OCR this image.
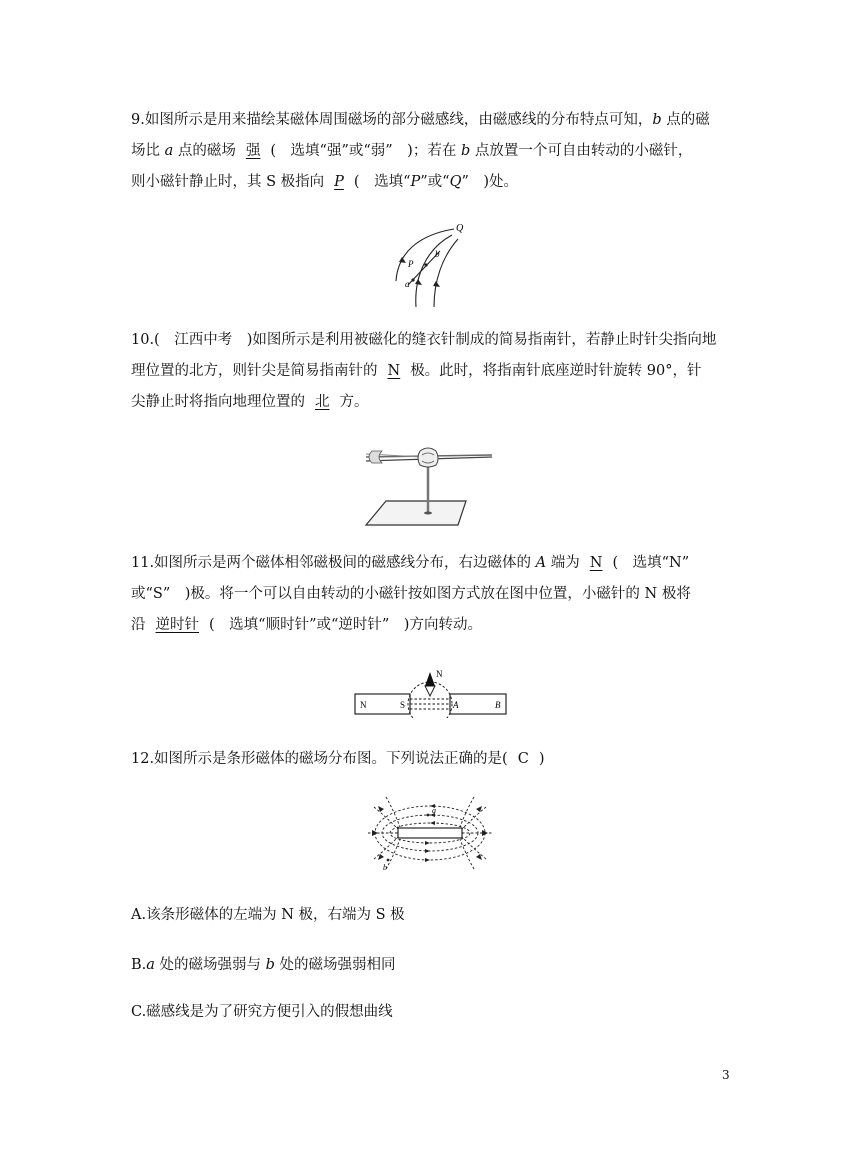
9.如图所示是用来描绘某磁体周围磁场的部分磁感线，由磁感线的分布特点可知，b 点的磁

场比 a 点的磁场 强 (　选填“强”或“弱”　)；若在 b 点放置一个可自由转动的小磁针，

则小磁针静止时，其 S 极指向 P (　选填“P”或“Q”　)处。

Q
b
P
a

10.(　江西中考　)如图所示是利用被磁化的缝衣针制成的简易指南针，若静止时针尖指向地

理位置的北方，则针尖是简易指南针的 N 极。此时，将指南针底座逆时针旋转 90°，针

尖静止时将指向地理位置的 北 方。

11.如图所示是两个磁体相邻磁极间的磁感线分布，右边磁体的 A 端为 N (　选填“N”

或“S”　)极。将一个可以自由转动的小磁针按如图方式放在图中位置，小磁针的 N 极将

沿 逆时针 (　选填“顺时针”或“逆时针”　)方向转动。

N
N	S	A	B

12.如图所示是条形磁体的磁场分布图。下列说法正确的是( C )

a
b
A.该条形磁体的左端为 N 极，右端为 S 极
B.a 处的磁场强弱与 b 处的磁场强弱相同
C.磁感线是为了研究方便引入的假想曲线
3
